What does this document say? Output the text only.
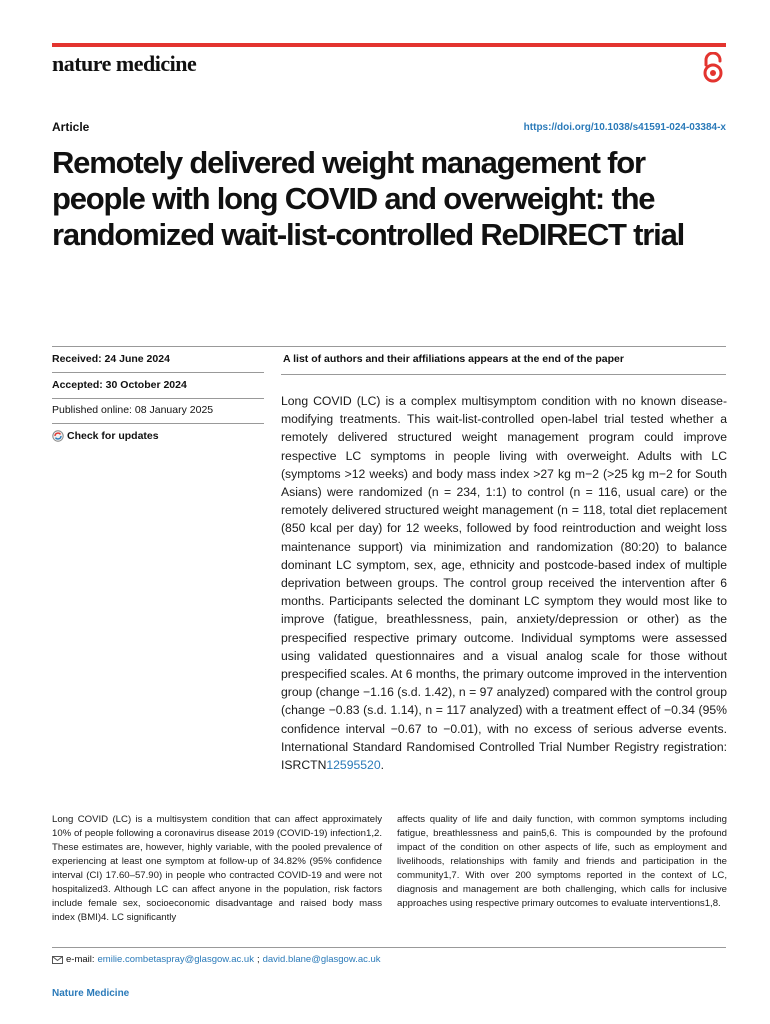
nature medicine
Article	https://doi.org/10.1038/s41591-024-03384-x
Remotely delivered weight management for people with long COVID and overweight: the randomized wait-list-controlled ReDIRECT trial
Received: 24 June 2024
Accepted: 30 October 2024
Published online: 08 January 2025
Check for updates
A list of authors and their affiliations appears at the end of the paper

Long COVID (LC) is a complex multisymptom condition with no known disease-modifying treatments. This wait-list-controlled open-label trial tested whether a remotely delivered structured weight management program could improve respective LC symptoms in people living with overweight. Adults with LC (symptoms >12 weeks) and body mass index >27 kg m−2 (>25 kg m−2 for South Asians) were randomized (n = 234, 1:1) to control (n = 116, usual care) or the remotely delivered structured weight management (n = 118, total diet replacement (850 kcal per day) for 12 weeks, followed by food reintroduction and weight loss maintenance support) via minimization and randomization (80:20) to balance dominant LC symptom, sex, age, ethnicity and postcode-based index of multiple deprivation between groups. The control group received the intervention after 6 months. Participants selected the dominant LC symptom they would most like to improve (fatigue, breathlessness, pain, anxiety/depression or other) as the prespecified respective primary outcome. Individual symptoms were assessed using validated questionnaires and a visual analog scale for those without prespecified scales. At 6 months, the primary outcome improved in the intervention group (change −1.16 (s.d. 1.42), n = 97 analyzed) compared with the control group (change −0.83 (s.d. 1.14), n = 117 analyzed) with a treatment effect of −0.34 (95% confidence interval −0.67 to −0.01), with no excess of serious adverse events. International Standard Randomised Controlled Trial Number Registry registration: ISRCTN12595520.

Long COVID (LC) is a multisystem condition that can affect approximately 10% of people following a coronavirus disease 2019 (COVID-19) infection1,2. These estimates are, however, highly variable, with the pooled prevalence of experiencing at least one symptom at follow-up of 34.82% (95% confidence interval (CI) 17.60–57.90) in people who contracted COVID-19 and were not hospitalized3. Although LC can affect anyone in the population, risk factors include female sex, socioeconomic disadvantage and raised body mass index (BMI)4. LC significantly

affects quality of life and daily function, with common symptoms including fatigue, breathlessness and pain5,6. This is compounded by the profound impact of the condition on other aspects of life, such as employment and livelihoods, relationships with family and friends and participation in the community1,7. With over 200 symptoms reported in the context of LC, diagnosis and management are both challenging, which calls for inclusive approaches using respective primary outcomes to evaluate interventions1,8.

e-mail: emilie.combetaspray@glasgow.ac.uk ; david.blane@glasgow.ac.uk
Nature Medicine
